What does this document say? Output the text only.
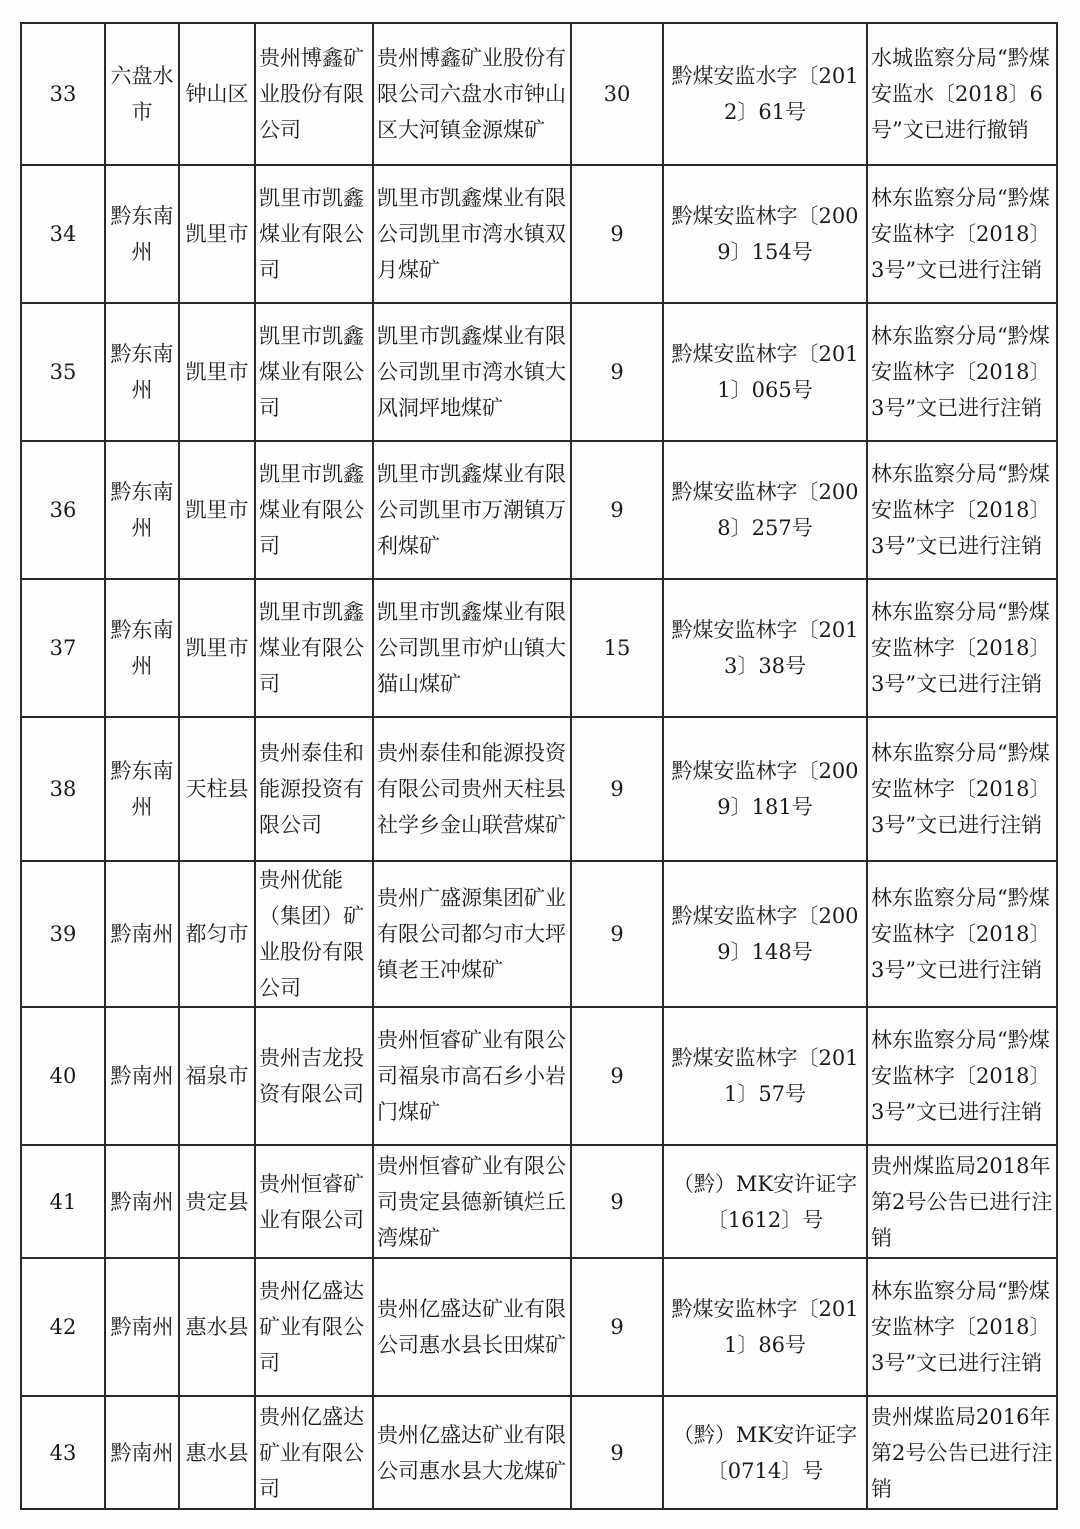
33	六盘水市	钟山区	贵州博鑫矿业股份有限公司	贵州博鑫矿业股份有限公司六盘水市钟山区大河镇金源煤矿	30	黔煤安监水字〔2012〕61号	水城监察分局“黔煤安监水〔2018〕6号”文已进行撤销
34	黔东南州	凯里市	凯里市凯鑫煤业有限公司	凯里市凯鑫煤业有限公司凯里市湾水镇双月煤矿	9	黔煤安监林字〔2009〕154号	林东监察分局“黔煤安监林字〔2018〕3号”文已进行注销
35	黔东南州	凯里市	凯里市凯鑫煤业有限公司	凯里市凯鑫煤业有限公司凯里市湾水镇大风洞坪地煤矿	9	黔煤安监林字〔2011〕065号	林东监察分局“黔煤安监林字〔2018〕3号”文已进行注销
36	黔东南州	凯里市	凯里市凯鑫煤业有限公司	凯里市凯鑫煤业有限公司凯里市万潮镇万利煤矿	9	黔煤安监林字〔2008〕257号	林东监察分局“黔煤安监林字〔2018〕3号”文已进行注销
37	黔东南州	凯里市	凯里市凯鑫煤业有限公司	凯里市凯鑫煤业有限公司凯里市炉山镇大猫山煤矿	15	黔煤安监林字〔2013〕38号	林东监察分局“黔煤安监林字〔2018〕3号”文已进行注销
38	黔东南州	天柱县	贵州泰佳和能源投资有限公司	贵州泰佳和能源投资有限公司贵州天柱县社学乡金山联营煤矿	9	黔煤安监林字〔2009〕181号	林东监察分局“黔煤安监林字〔2018〕3号”文已进行注销
39	黔南州	都匀市	贵州优能（集团）矿业股份有限公司	贵州广盛源集团矿业有限公司都匀市大坪镇老王冲煤矿	9	黔煤安监林字〔2009〕148号	林东监察分局“黔煤安监林字〔2018〕3号”文已进行注销
40	黔南州	福泉市	贵州吉龙投资有限公司	贵州恒睿矿业有限公司福泉市高石乡小岩门煤矿	9	黔煤安监林字〔2011〕57号	林东监察分局“黔煤安监林字〔2018〕3号”文已进行注销
41	黔南州	贵定县	贵州恒睿矿业有限公司	贵州恒睿矿业有限公司贵定县德新镇烂丘湾煤矿	9	（黔）MK安许证字〔1612〕号	贵州煤监局2018年第2号公告已进行注销
42	黔南州	惠水县	贵州亿盛达矿业有限公司	贵州亿盛达矿业有限公司惠水县长田煤矿	9	黔煤安监林字〔2011〕86号	林东监察分局“黔煤安监林字〔2018〕3号”文已进行注销
43	黔南州	惠水县	贵州亿盛达矿业有限公司	贵州亿盛达矿业有限公司惠水县大龙煤矿	9	（黔）MK安许证字〔0714〕号	贵州煤监局2016年第2号公告已进行注销
